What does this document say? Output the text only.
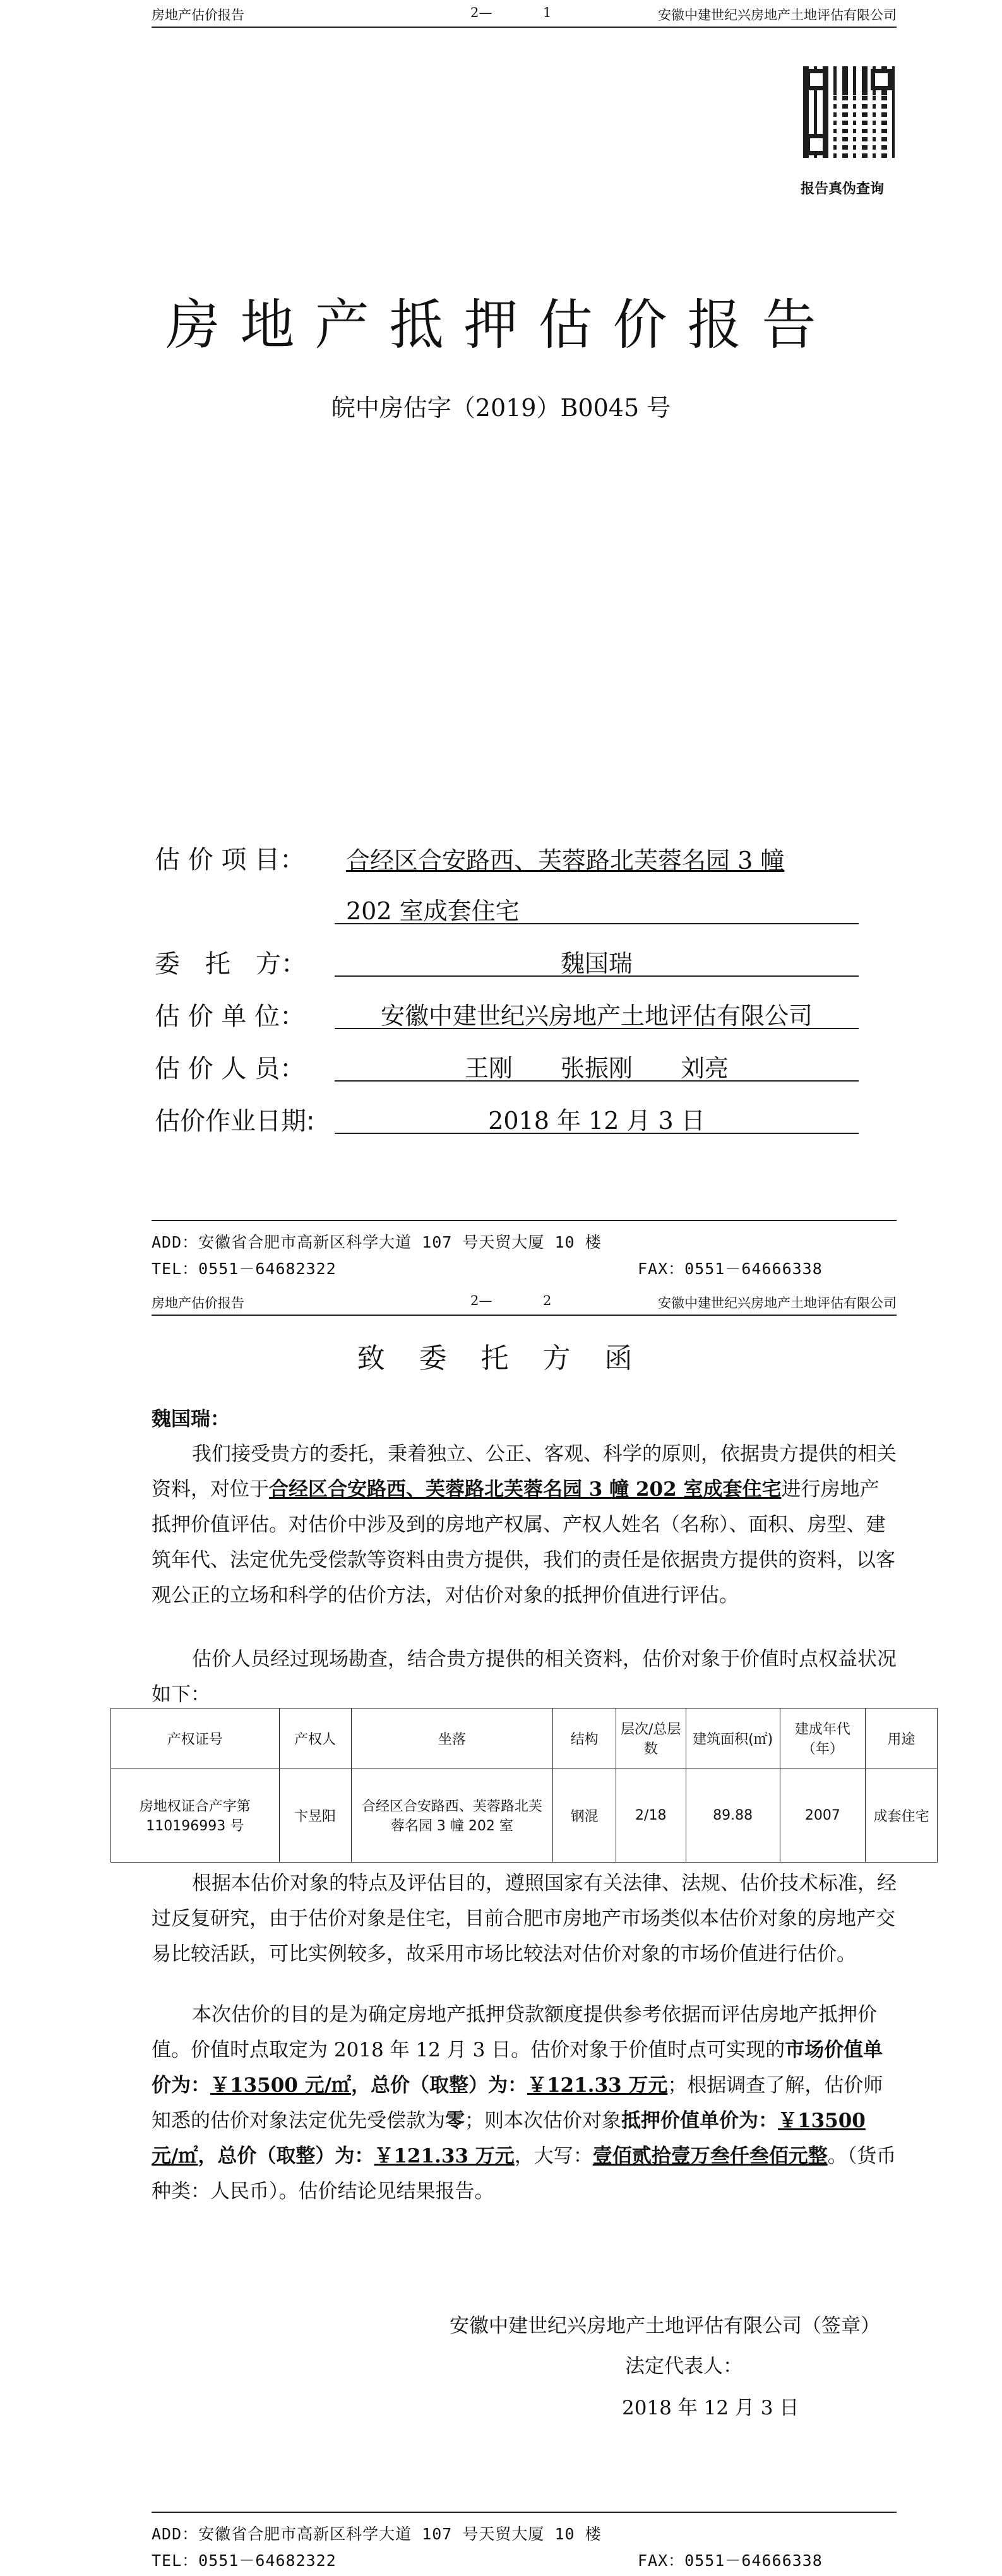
房地产估价报告	2—	1	安徽中建世纪兴房地产土地评估有限公司
报告真伪查询
房地产抵押估价报告
皖中房估字（2019）B0045 号
估 价 项 目： 合经区合安路西、芙蓉路北芙蓉名园 3 幢
202 室成套住宅
委　托　方：	魏国瑞
估 价 单 位：	安徽中建世纪兴房地产土地评估有限公司
估 价 人 员：	王刚　　张振刚　　刘亮
估价作业日期:	2018 年 12 月 3 日
ADD：安徽省合肥市高新区科学大道 107 号天贸大厦 10 楼
TEL：0551－64682322	FAX：0551－64666338
房地产估价报告	2—	2	安徽中建世纪兴房地产土地评估有限公司
致 委 托 方 函
魏国瑞：

我们接受贵方的委托，秉着独立、公正、客观、科学的原则，依据贵方提供的相关资料，对位于合经区合安路西、芙蓉路北芙蓉名园 3 幢 202 室成套住宅进行房地产抵押价值评估。对估价中涉及到的房地产权属、产权人姓名（名称）、面积、房型、建筑年代、法定优先受偿款等资料由贵方提供，我们的责任是依据贵方提供的资料，以客观公正的立场和科学的估价方法，对估价对象的抵押价值进行评估。

估价人员经过现场勘查，结合贵方提供的相关资料，估价对象于价值时点权益状况如下：

产权证号	产权人	坐落	结构	层次/总层数	建筑面积(㎡)	建成年代（年）	用途
房地权证合产字第 110196993 号	卞昱阳	合经区合安路西、芙蓉路北芙蓉名园 3 幢 202 室	钢混	2/18	89.88	2007	成套住宅

根据本估价对象的特点及评估目的，遵照国家有关法律、法规、估价技术标准，经过反复研究，由于估价对象是住宅，目前合肥市房地产市场类似本估价对象的房地产交易比较活跃，可比实例较多，故采用市场比较法对估价对象的市场价值进行估价。

本次估价的目的是为确定房地产抵押贷款额度提供参考依据而评估房地产抵押价值。价值时点取定为 2018 年 12 月 3 日。估价对象于价值时点可实现的市场价值单价为：￥13500 元/㎡，总价（取整）为：￥121.33 万元；根据调查了解，估价师知悉的估价对象法定优先受偿款为零；则本次估价对象抵押价值单价为：￥13500 元/㎡，总价（取整）为：￥121.33 万元，大写：壹佰贰拾壹万叁仟叁佰元整。（货币种类：人民币）。估价结论见结果报告。

安徽中建世纪兴房地产土地评估有限公司（签章）
法定代表人：
2018 年 12 月 3 日
ADD：安徽省合肥市高新区科学大道 107 号天贸大厦 10 楼
TEL：0551－64682322	FAX：0551－64666338
